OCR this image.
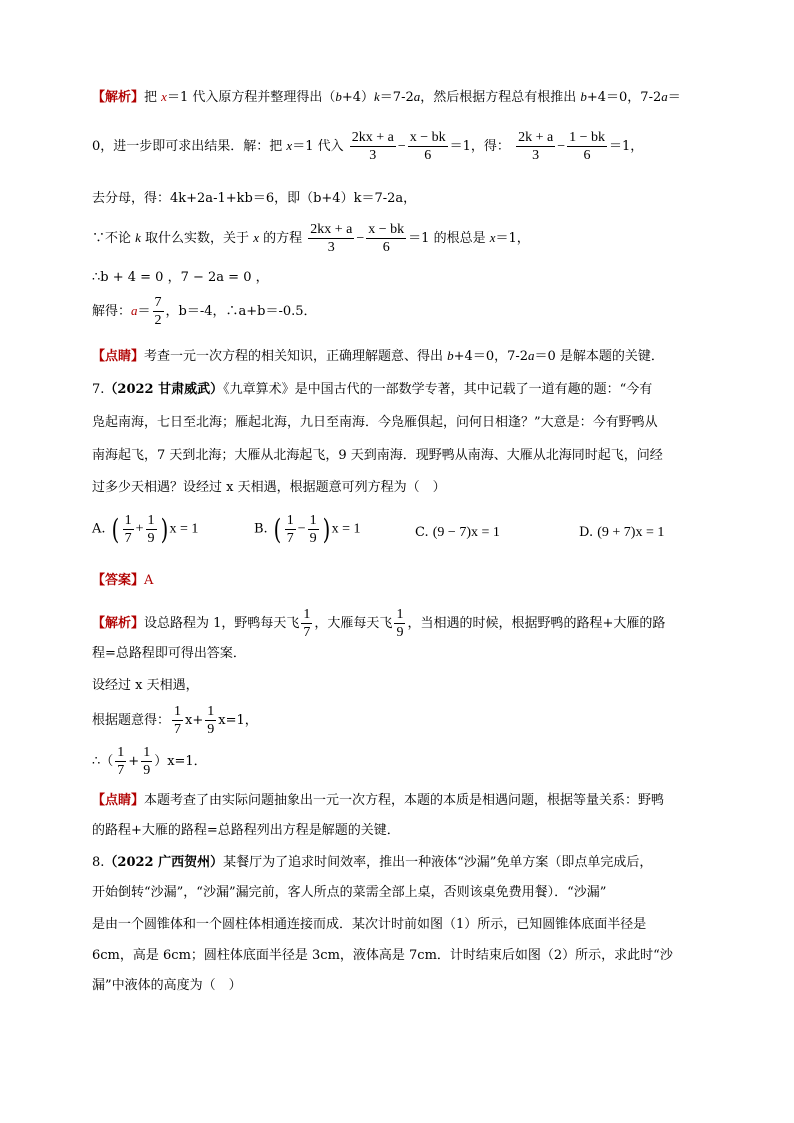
【解析】把 x＝1 代入原方程并整理得出（b+4）k＝7-2a，然后根据方程总有根推出 b+4＝0，7-2a＝
0，进一步即可求出结果．解：把 x＝1 代入 $\frac{2kx + a}{3} - \frac{x - bk}{6} =1$，得： $\frac{2k + a}{3} - \frac{1 - bk}{6} =1$，
去分母，得：4k+2a-1+kb＝6，即（b+4）k＝7-2a，
∵不论 k 取什么实数，关于 x 的方程 $\frac{2kx + a}{3} - \frac{x - bk}{6} =1$ 的根总是 x＝1，
∴b + 4 = 0 ，7 − 2a = 0 ，
解得：$a= \frac{7}{2}$ ，b＝-4，∴a+b＝-0.5．
【点睛】考查一元一次方程的相关知识，正确理解题意、得出 b+4＝0，7-2a＝0 是解本题的关键．
7.（2022 甘肃威武）《九章算术》是中国古代的一部数学专著，其中记载了一道有趣的题：“今有
凫起南海，七日至北海；雁起北海，九日至南海．今凫雁俱起，问何日相逢？”大意是：今有野鸭从
南海起飞，7 天到北海；大雁从北海起飞，9 天到南海．现野鸭从南海、大雁从北海同时起飞，问经
过多少天相遇？设经过 x 天相遇，根据题意可列方程为（　）
A. ( $\frac{1}{7} + \frac{1}{9}$ ) x = 1	B. ( $\frac{1}{7} - \frac{1}{9}$ ) x = 1	C. (9 − 7)x = 1	D. (9 + 7)x = 1
【答案】A
【解析】设总路程为 1，野鸭每天飞 $\frac{1}{7}$ ，大雁每天飞 $\frac{1}{9}$ ，当相遇的时候，根据野鸭的路程+大雁的路
程=总路程即可得出答案．
设经过 x 天相遇，
根据题意得： $\frac{1}{7} x+ \frac{1}{9} x=1$，
∴（ $\frac{1}{7} + \frac{1}{9} )x=1$．
【点睛】本题考查了由实际问题抽象出一元一次方程，本题的本质是相遇问题，根据等量关系：野鸭
的路程+大雁的路程=总路程列出方程是解题的关键．
8.（2022 广西贺州）某餐厅为了追求时间效率，推出一种液体“沙漏”免单方案（即点单完成后，
开始倒转“沙漏”，“沙漏”漏完前，客人所点的菜需全部上桌，否则该桌免费用餐）．“沙漏”
是由一个圆锥体和一个圆柱体相通连接而成．某次计时前如图（1）所示，已知圆锥体底面半径是
6cm，高是 6cm；圆柱体底面半径是 3cm，液体高是 7cm．计时结束后如图（2）所示，求此时“沙
漏”中液体的高度为（　）
